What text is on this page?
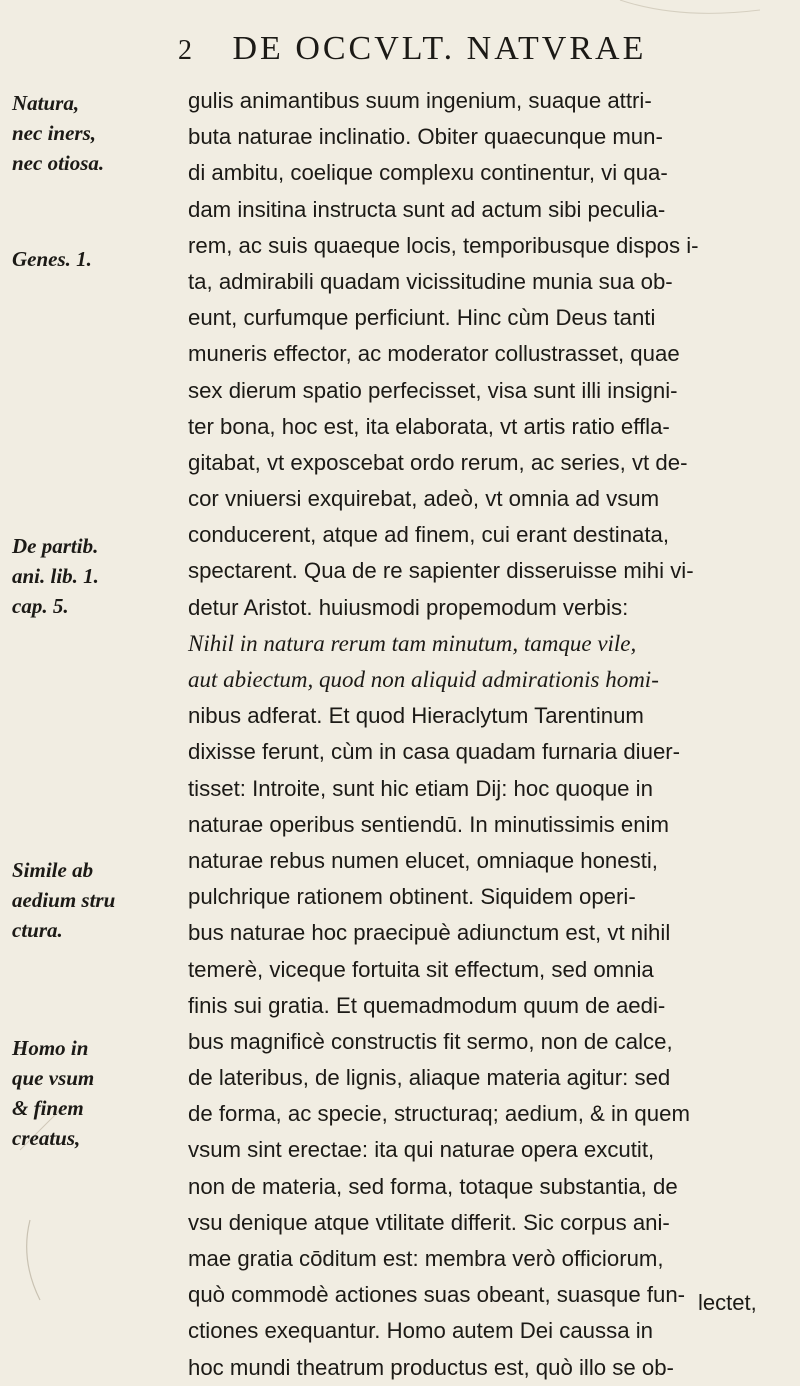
2 DE OCCVLT. NATVRAE
Natura,
nec iners,
nec otiosa.
Genes. 1.
De partib.
ani. lib. 1.
cap. 5.
Simile ab
aedium stru
ctura.
Homo in
que vsum
& finem
creatus,
gulis animantibus suum ingenium, suaque attri-
buta naturae inclinatio. Obiter quaecunque mun-
di ambitu, coelique complexu continentur, vi qua-
dam insitina instructa sunt ad actum sibi peculia-
rem, ac suis quaeque locis, temporibusque dispos i-
ta, admirabili quadam vicissitudine munia sua ob-
eunt, curfumque perficiunt. Hinc cùm Deus tanti
muneris effector, ac moderator collustrasset, quae
sex dierum spatio perfecisset, visa sunt illi insigni-
ter bona, hoc est, ita elaborata, vt artis ratio effla-
gitabat, vt exposcebat ordo rerum, ac series, vt de-
cor vniuersi exquirebat, adeò, vt omnia ad vsum
conducerent, atque ad finem, cui erant destinata,
spectarent. Qua de re sapienter disseruisse mihi vi-
detur Aristot. huiusmodi propemodum verbis:
Nihil in natura rerum tam minutum, tamque vile,
aut abiectum, quod non aliquid admirationis homi-
nibus adferat. Et quod Hieraclytum Tarentinum
dixisse ferunt, cùm in casa quadam furnaria diuer-
tisset: Introite, sunt hic etiam Dij: hoc quoque in
naturae operibus sentiendū. In minutissimis enim
naturae rebus numen elucet, omniaque honesti,
pulchrique rationem obtinent. Siquidem operi-
bus naturae hoc praecipuè adiunctum est, vt nihil
temerè, viceque fortuita sit effectum, sed omnia
finis sui gratia. Et quemadmodum quum de aedi-
bus magnificè constructis fit sermo, non de calce,
de lateribus, de lignis, aliaque materia agitur: sed
de forma, ac specie, structuraq; aedium, & in quem
vsum sint erectae: ita qui naturae opera excutit,
non de materia, sed forma, totaque substantia, de
vsu denique atque vtilitate differit. Sic corpus ani-
mae gratia cōditum est: membra verò officiorum,
quò commodè actiones suas obeant, suasque fun-
ctiones exequantur. Homo autem Dei caussa in
hoc mundi theatrum productus est, quò illo se ob-
lectet,
